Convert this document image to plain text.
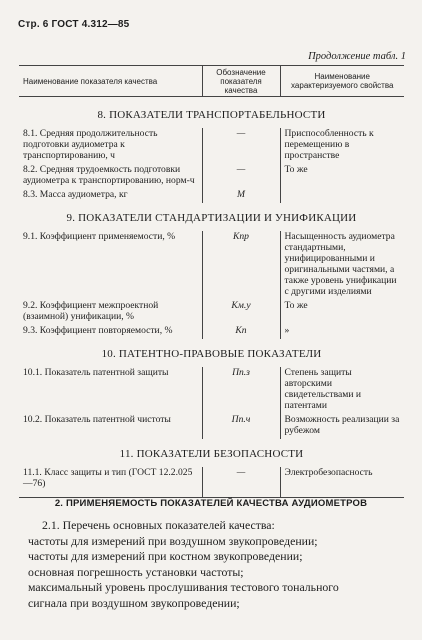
Стр. 6 ГОСТ 4.312—85
Продолжение табл. 1
Наименование показателя качества	Обозначение показателя качества	Наименование характеризуемого свойства
8. ПОКАЗАТЕЛИ ТРАНСПОРТАБЕЛЬНОСТИ		
8.1. Средняя продолжительность подготовки аудиометра к транспортированию, ч	—	Приспособленность к перемещению в пространстве
8.2. Средняя трудоемкость подготовки аудиометра к транспортированию, норм-ч	—	То же
8.3. Масса аудиометра, кг	М	
9. ПОКАЗАТЕЛИ СТАНДАРТИЗАЦИИ И УНИФИКАЦИИ		
9.1. Коэффициент применяемости, %	Кпр	Насыщенность аудиометра стандартными, унифицированными и оригинальными частями, а также уровень унификации с другими изделиями
9.2. Коэффициент межпроектной (взаимной) унификации, %	Км.у	То же
9.3. Коэффициент повторяемости, %	Кп	»
10. ПАТЕНТНО-ПРАВОВЫЕ ПОКАЗАТЕЛИ		
10.1. Показатель патентной защиты	Пп.з	Степень защиты авторскими свидетельствами и патентами
10.2. Показатель патентной чистоты	Пп.ч	Возможность реализации за рубежом
11. ПОКАЗАТЕЛИ БЕЗОПАСНОСТИ		
11.1. Класс защиты и тип (ГОСТ 12.2.025—76)	—	Электробезопасность
2. ПРИМЕНЯЕМОСТЬ ПОКАЗАТЕЛЕЙ КАЧЕСТВА АУДИОМЕТРОВ
2.1. Перечень основных показателей качества:
частоты для измерений при воздушном звукопроведении;
частоты для измерений при костном звукопроведении;
основная погрешность установки частоты;
максимальный уровень прослушивания тестового тонального
сигнала при воздушном звукопроведении;
